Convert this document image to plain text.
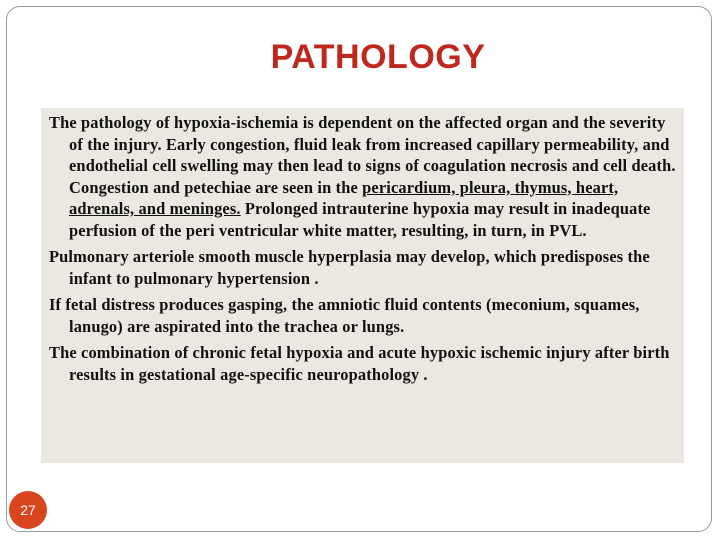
PATHOLOGY

The pathology of hypoxia-ischemia is dependent on the affected organ and the severity of the injury. Early congestion, fluid leak from increased capillary permeability, and endothelial cell swelling may then lead to signs of coagulation necrosis and cell death. Congestion and petechiae are seen in the pericardium, pleura, thymus, heart, adrenals, and meninges. Prolonged intrauterine hypoxia may result in inadequate perfusion of the peri ventricular white matter, resulting, in turn, in PVL.

Pulmonary arteriole smooth muscle hyperplasia may develop, which predisposes the infant to pulmonary hypertension .

If fetal distress produces gasping, the amniotic fluid contents (meconium, squames, lanugo) are aspirated into the trachea or lungs.

The combination of chronic fetal hypoxia and acute hypoxic ischemic injury after birth results in gestational age-specific neuropathology .

27
